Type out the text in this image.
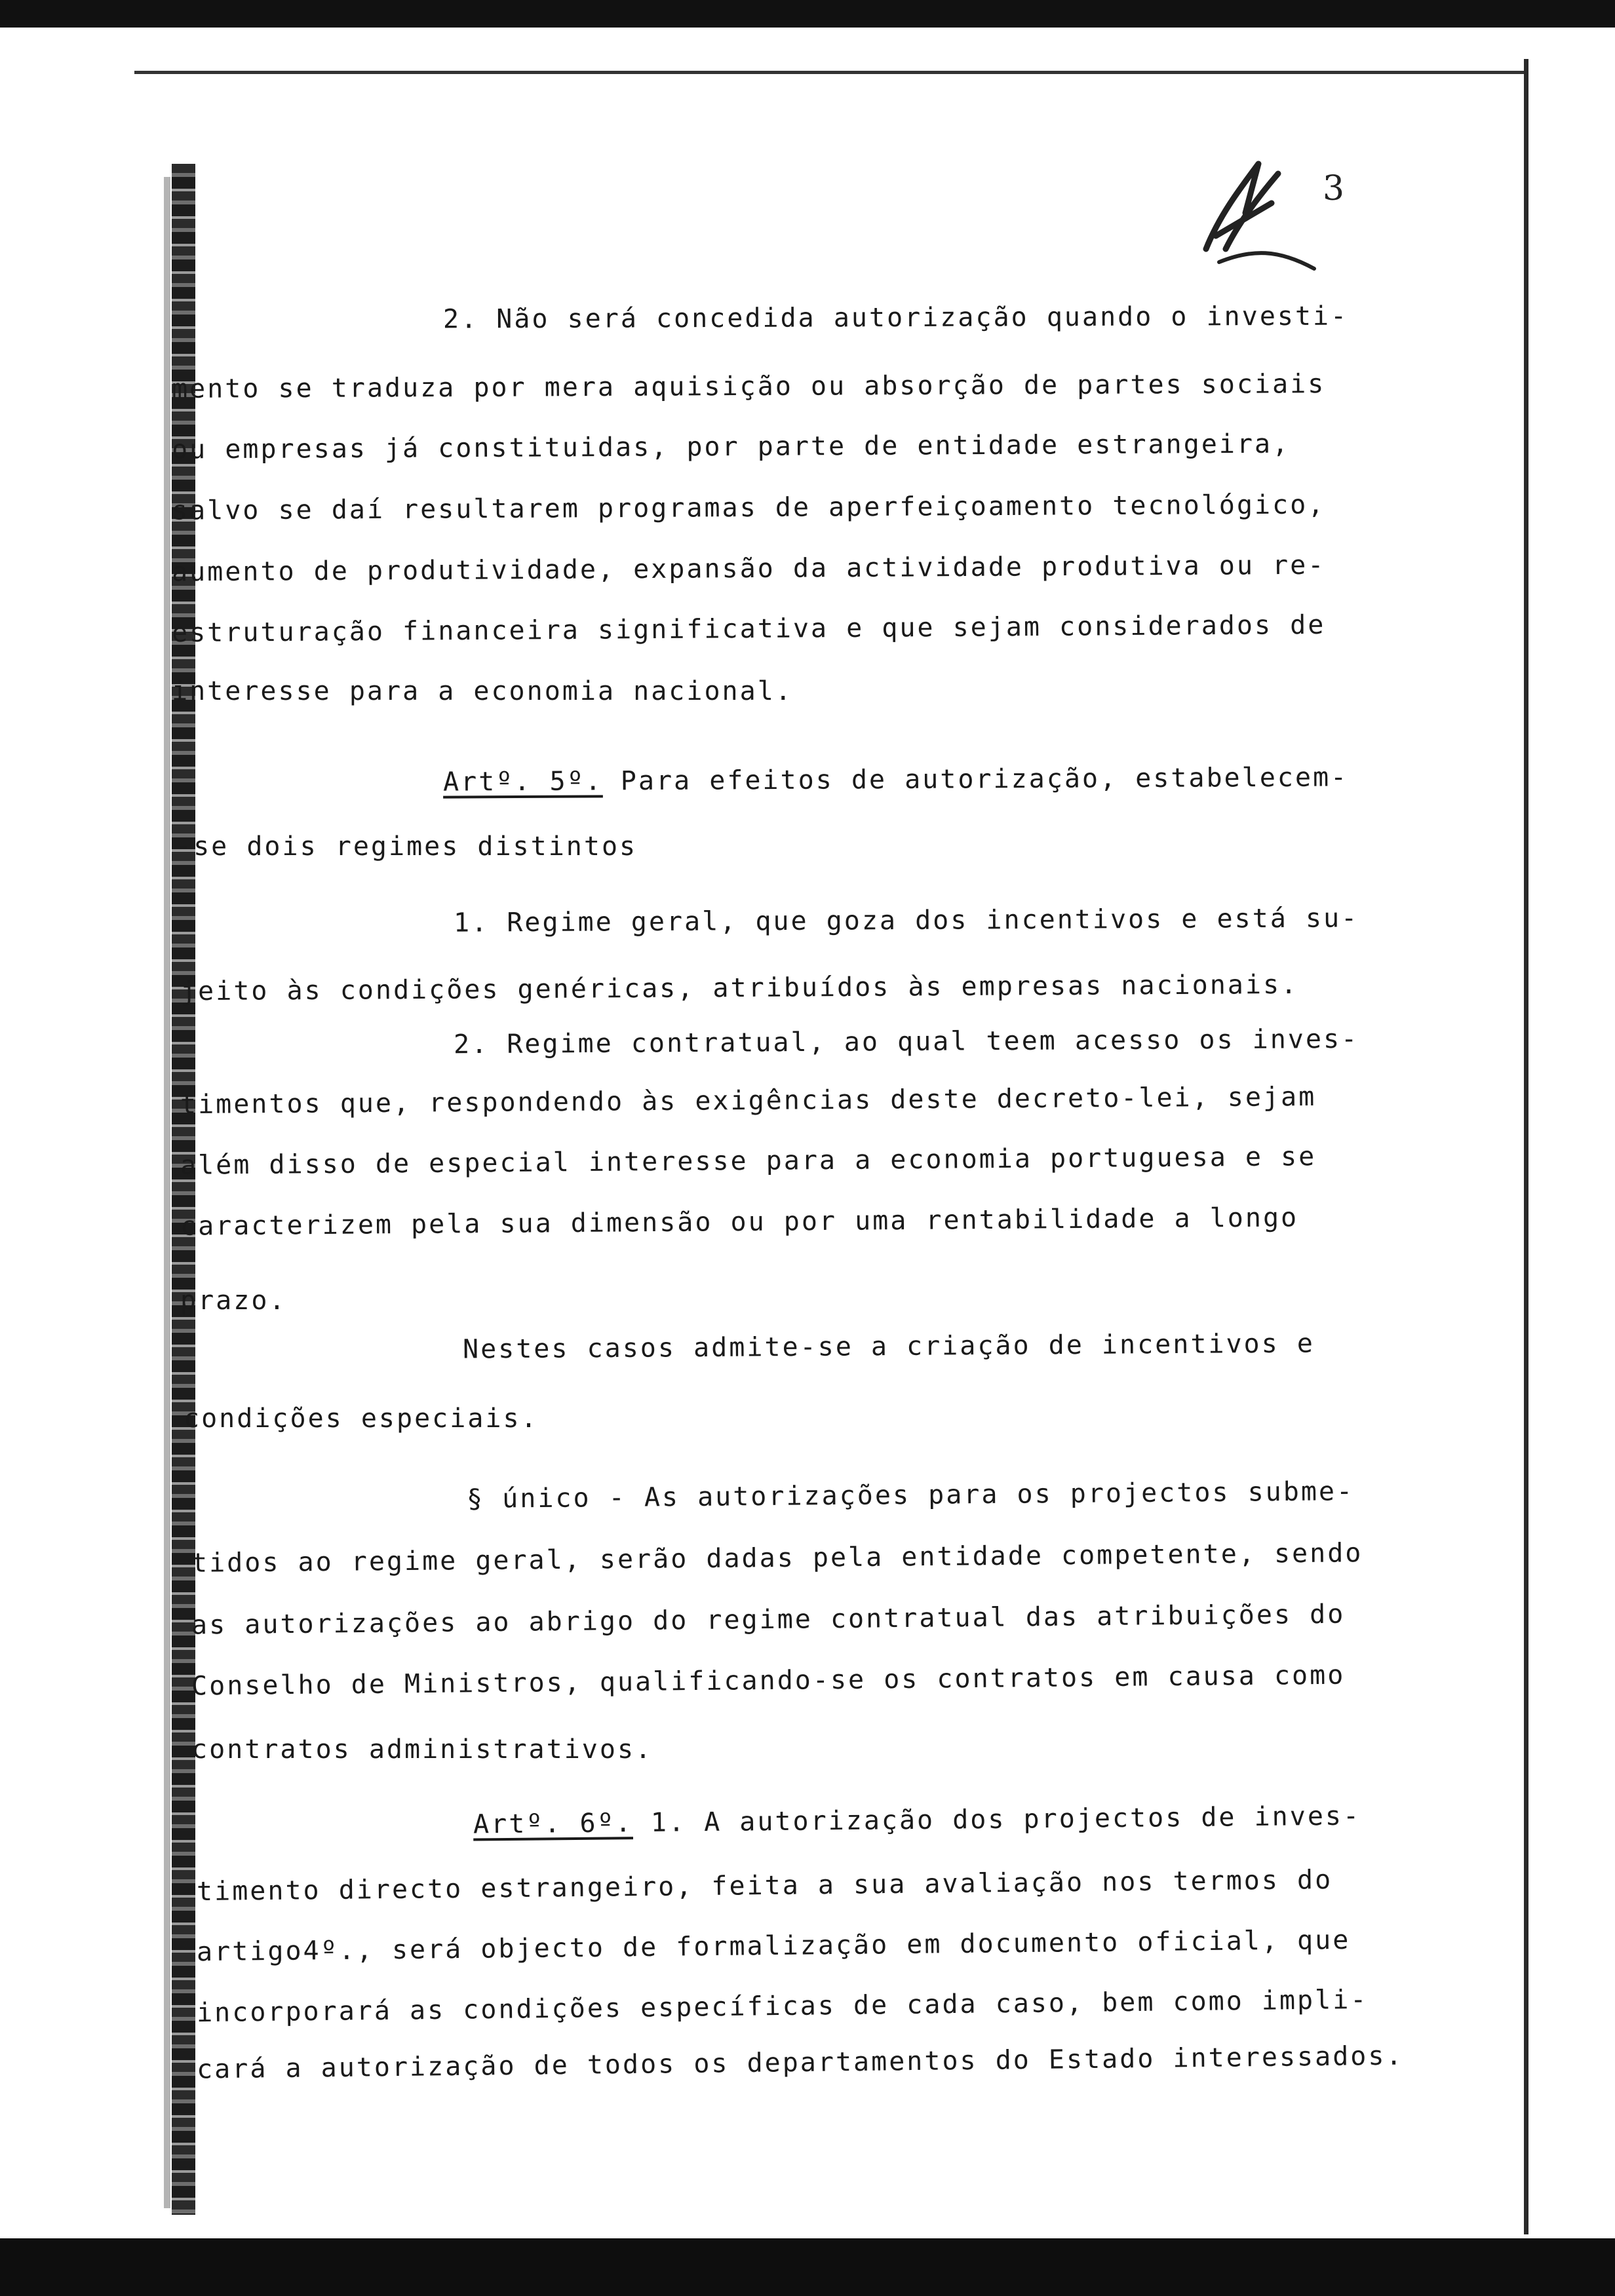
3
2. Não será concedida autorização quando o investi-
mento se traduza por mera aquisição ou absorção de partes sociais
ou empresas já constituidas, por parte de entidade estrangeira,
salvo se daí resultarem programas de aperfeiçoamento tecnológico,
aumento de produtividade, expansão da actividade produtiva ou re-
estruturação financeira significativa e que sejam considerados de
interesse para a economia nacional.
Artº. 5º. Para efeitos de autorização, estabelecem-
-se dois regimes distintos
1. Regime geral, que goza dos incentivos e está su-
jeito às condições genéricas, atribuídos às empresas nacionais.
2. Regime contratual, ao qual teem acesso os inves-
timentos que, respondendo às exigências deste decreto-lei, sejam
além disso de especial interesse para a economia portuguesa e se
caracterizem pela sua dimensão ou por uma rentabilidade a longo
prazo.
Nestes casos admite-se a criação de incentivos e
condições especiais.
§ único - As autorizações para os projectos subme-
tidos ao regime geral, serão dadas pela entidade competente, sendo
as autorizações ao abrigo do regime contratual das atribuições do
Conselho de Ministros, qualificando-se os contratos em causa como
contratos administrativos.
Artº. 6º. 1. A autorização dos projectos de inves-
timento directo estrangeiro, feita a sua avaliação nos termos do
artigo4º., será objecto de formalização em documento oficial, que
incorporará as condições específicas de cada caso, bem como impli-
cará a autorização de todos os departamentos do Estado interessados.
